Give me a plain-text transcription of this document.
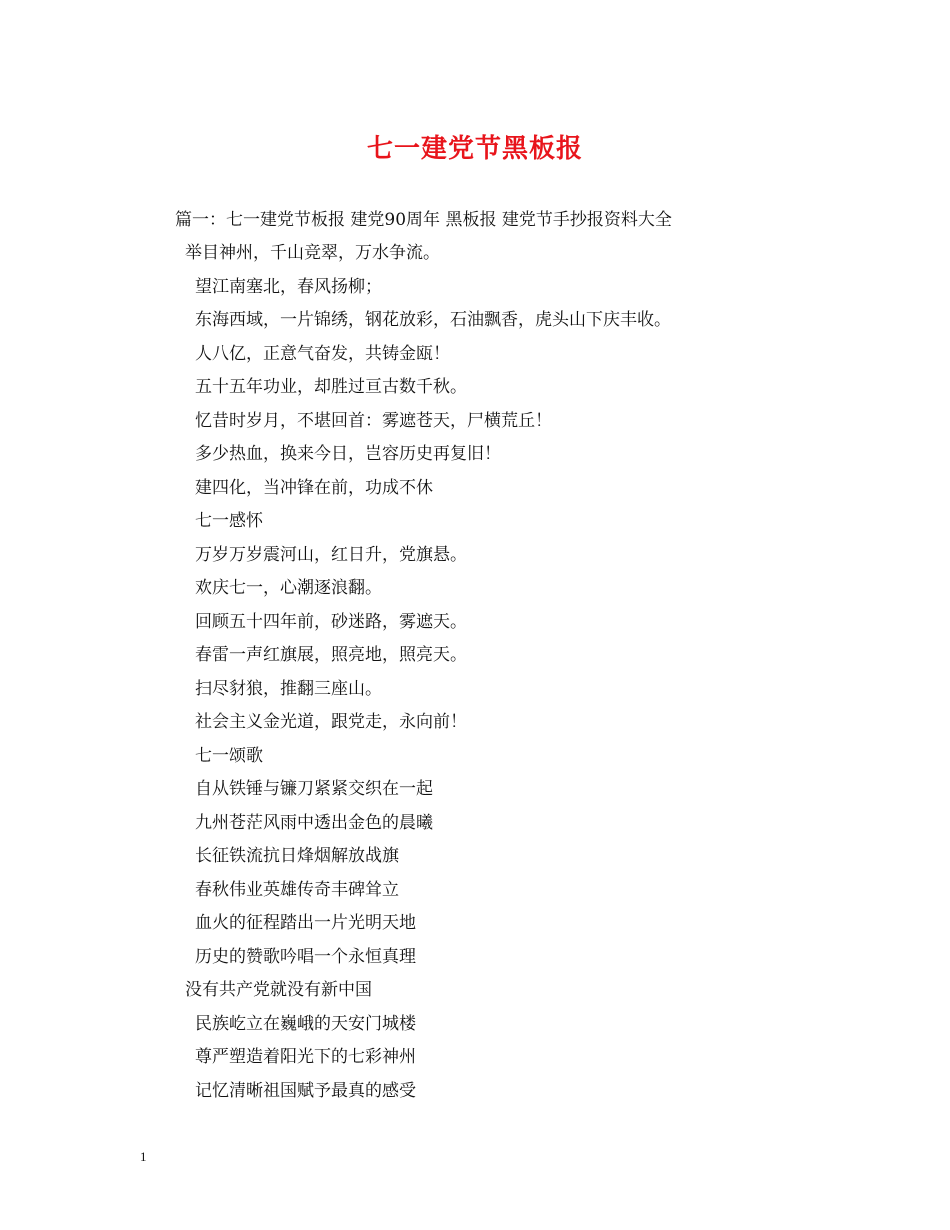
七一建党节黑板报
篇一：七一建党节板报 建党90周年 黑板报 建党节手抄报资料大全
举目神州，千山竞翠，万水争流。
望江南塞北，春风扬柳；
东海西域，一片锦绣，钢花放彩，石油飘香，虎头山下庆丰收。
人八亿，正意气奋发，共铸金瓯！
五十五年功业，却胜过亘古数千秋。
忆昔时岁月，不堪回首：雾遮苍天，尸横荒丘！
多少热血，换来今日，岂容历史再复旧！
建四化，当冲锋在前，功成不休
七一感怀
万岁万岁震河山，红日升，党旗悬。
欢庆七一，心潮逐浪翻。
回顾五十四年前，砂迷路，雾遮天。
春雷一声红旗展，照亮地，照亮天。
扫尽豺狼，推翻三座山。
社会主义金光道，跟党走，永向前！
七一颂歌
自从铁锤与镰刀紧紧交织在一起
九州苍茫风雨中透出金色的晨曦
长征铁流抗日烽烟解放战旗
春秋伟业英雄传奇丰碑耸立
血火的征程踏出一片光明天地
历史的赞歌吟唱一个永恒真理
没有共产党就没有新中国
民族屹立在巍峨的天安门城楼
尊严塑造着阳光下的七彩神州
记忆清晰祖国赋予最真的感受
1
